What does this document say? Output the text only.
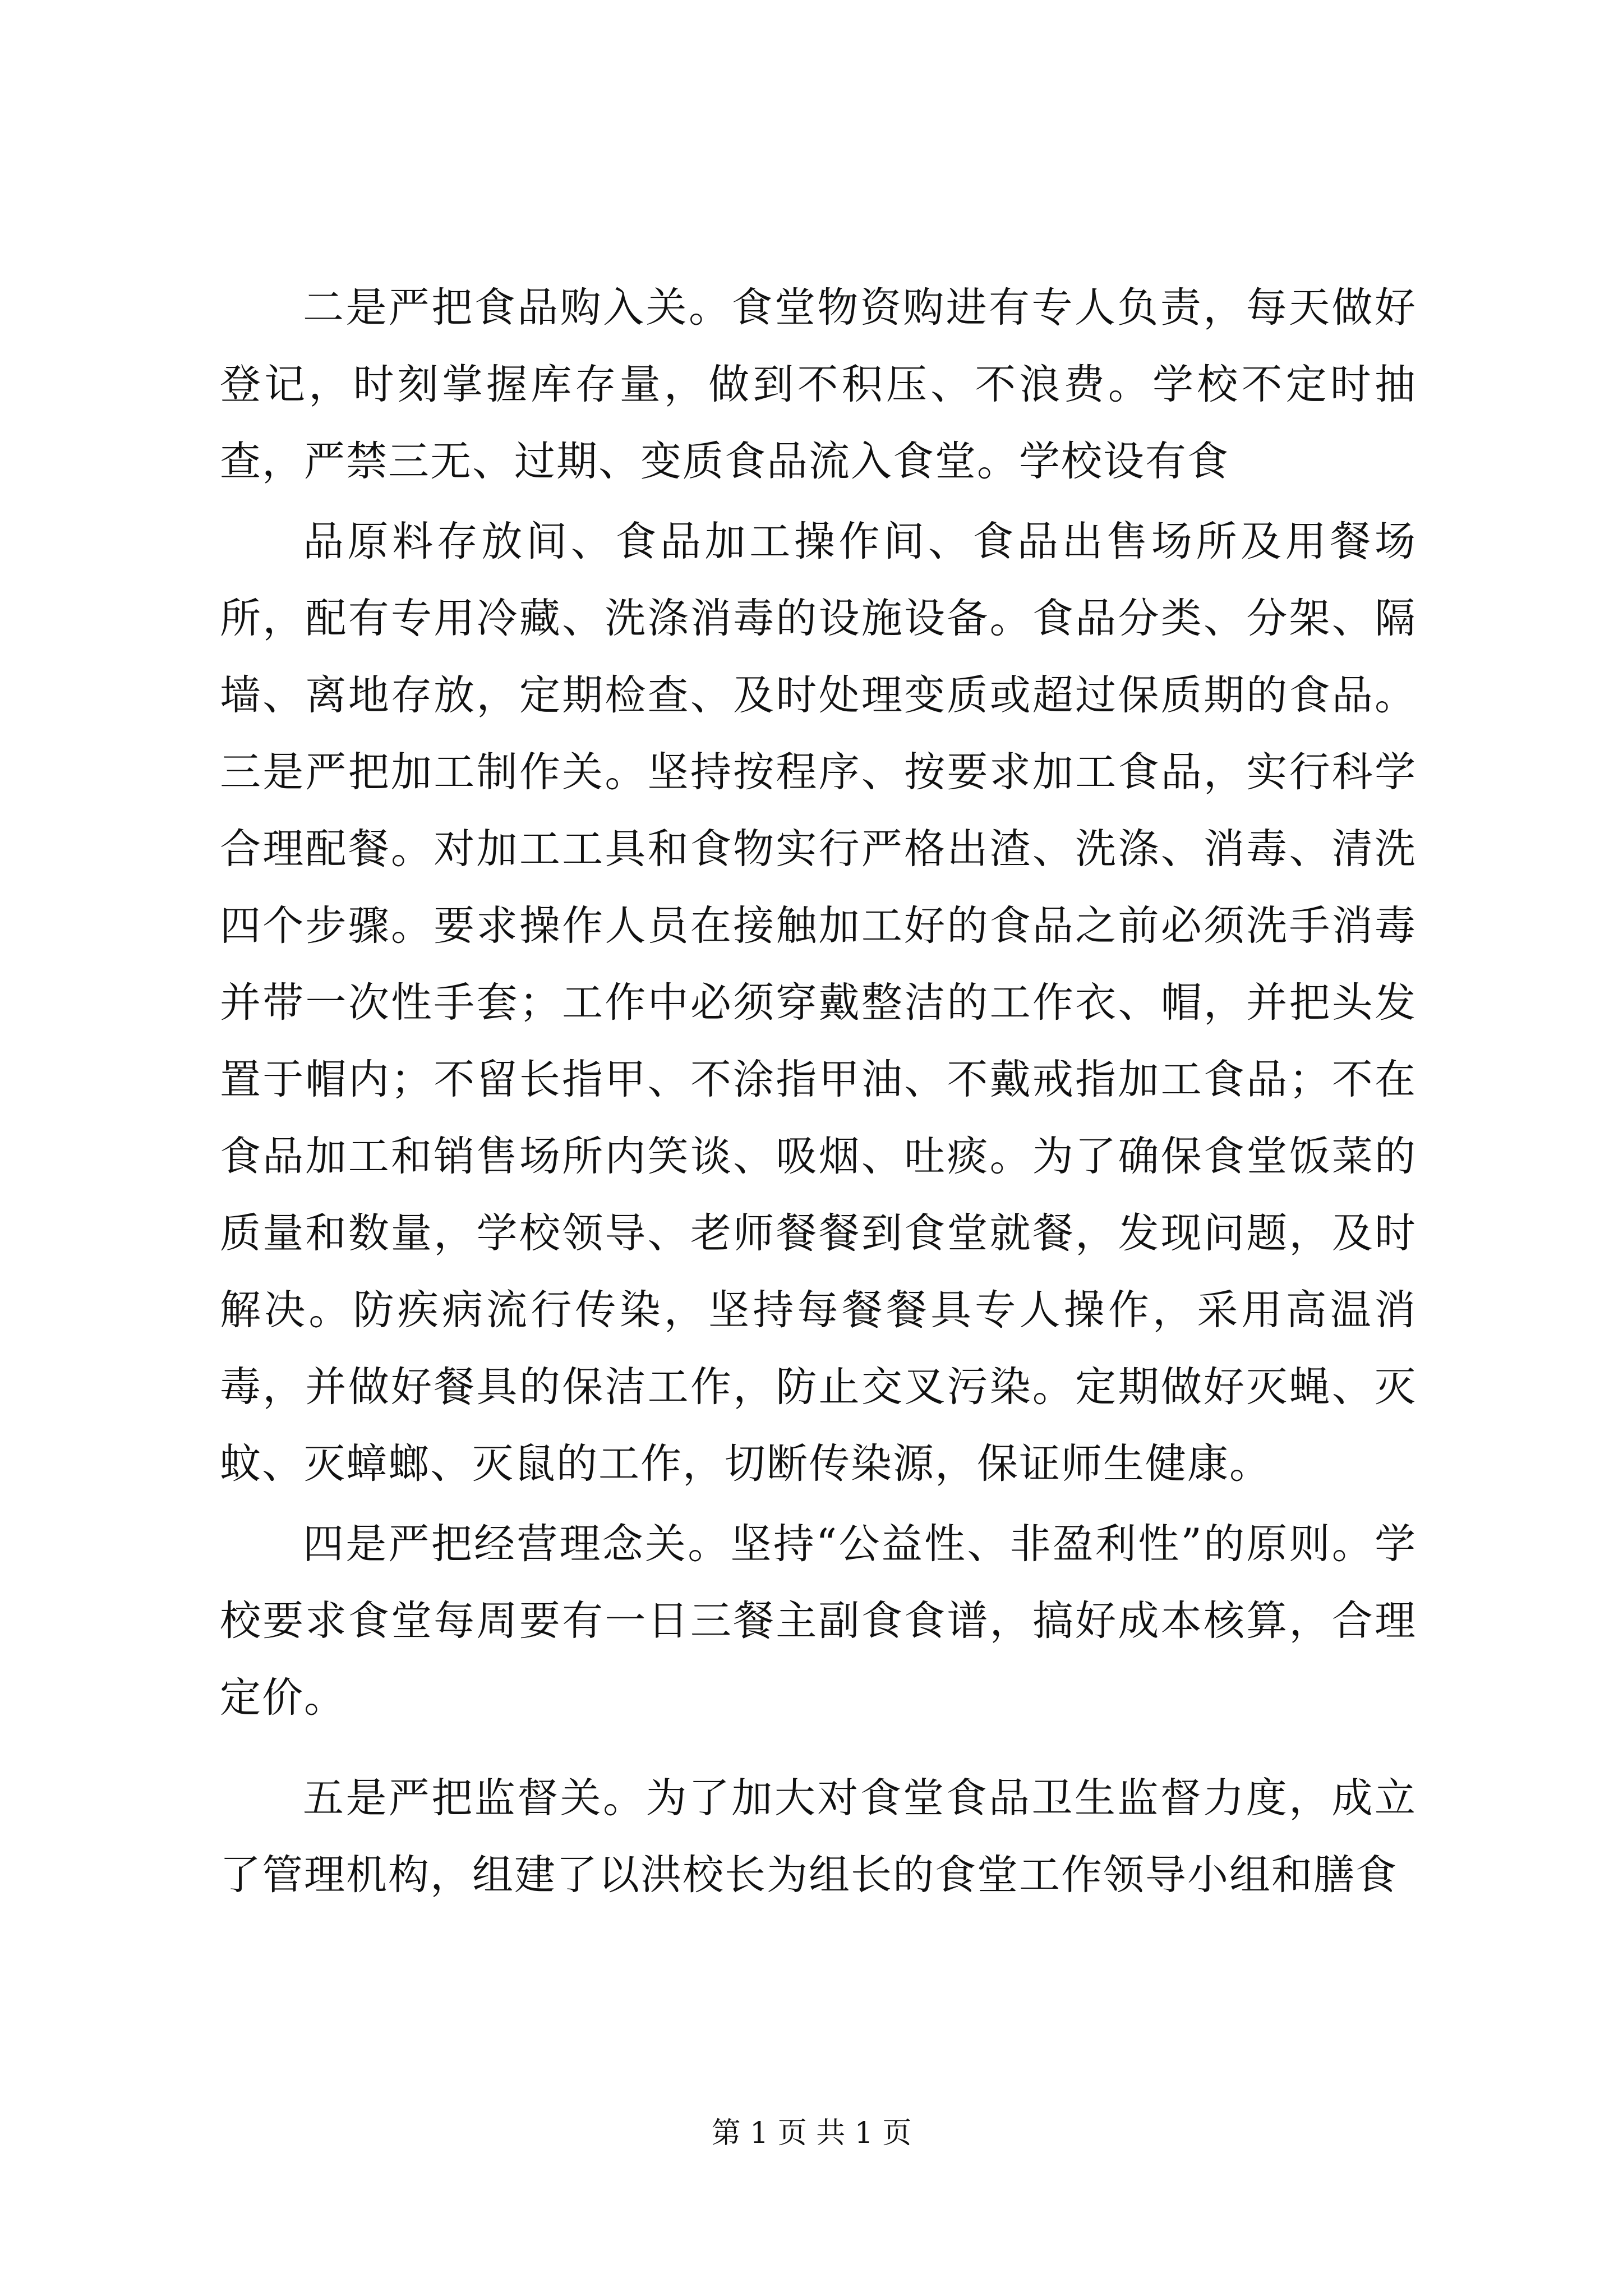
二是严把食品购入关。食堂物资购进有专人负责，每天做好登记，时刻掌握库存量，做到不积压、不浪费。学校不定时抽查，严禁三无、过期、变质食品流入食堂。学校设有食

品原料存放间、食品加工操作间、食品出售场所及用餐场所，配有专用冷藏、洗涤消毒的设施设备。食品分类、分架、隔墙、离地存放，定期检查、及时处理变质或超过保质期的食品。三是严把加工制作关。坚持按程序、按要求加工食品，实行科学合理配餐。对加工工具和食物实行严格出渣、洗涤、消毒、清洗四个步骤。要求操作人员在接触加工好的食品之前必须洗手消毒并带一次性手套；工作中必须穿戴整洁的工作衣、帽，并把头发置于帽内；不留长指甲、不涂指甲油、不戴戒指加工食品；不在食品加工和销售场所内笑谈、吸烟、吐痰。为了确保食堂饭菜的质量和数量，学校领导、老师餐餐到食堂就餐，发现问题，及时解决。防疾病流行传染，坚持每餐餐具专人操作，采用高温消毒，并做好餐具的保洁工作，防止交叉污染。定期做好灭蝇、灭蚊、灭蟑螂、灭鼠的工作，切断传染源，保证师生健康。

四是严把经营理念关。坚持“公益性、非盈利性”的原则。学校要求食堂每周要有一日三餐主副食食谱，搞好成本核算，合理定价。

五是严把监督关。为了加大对食堂食品卫生监督力度，成立了管理机构，组建了以洪校长为组长的食堂工作领导小组和膳食

第 1 页 共 1 页
